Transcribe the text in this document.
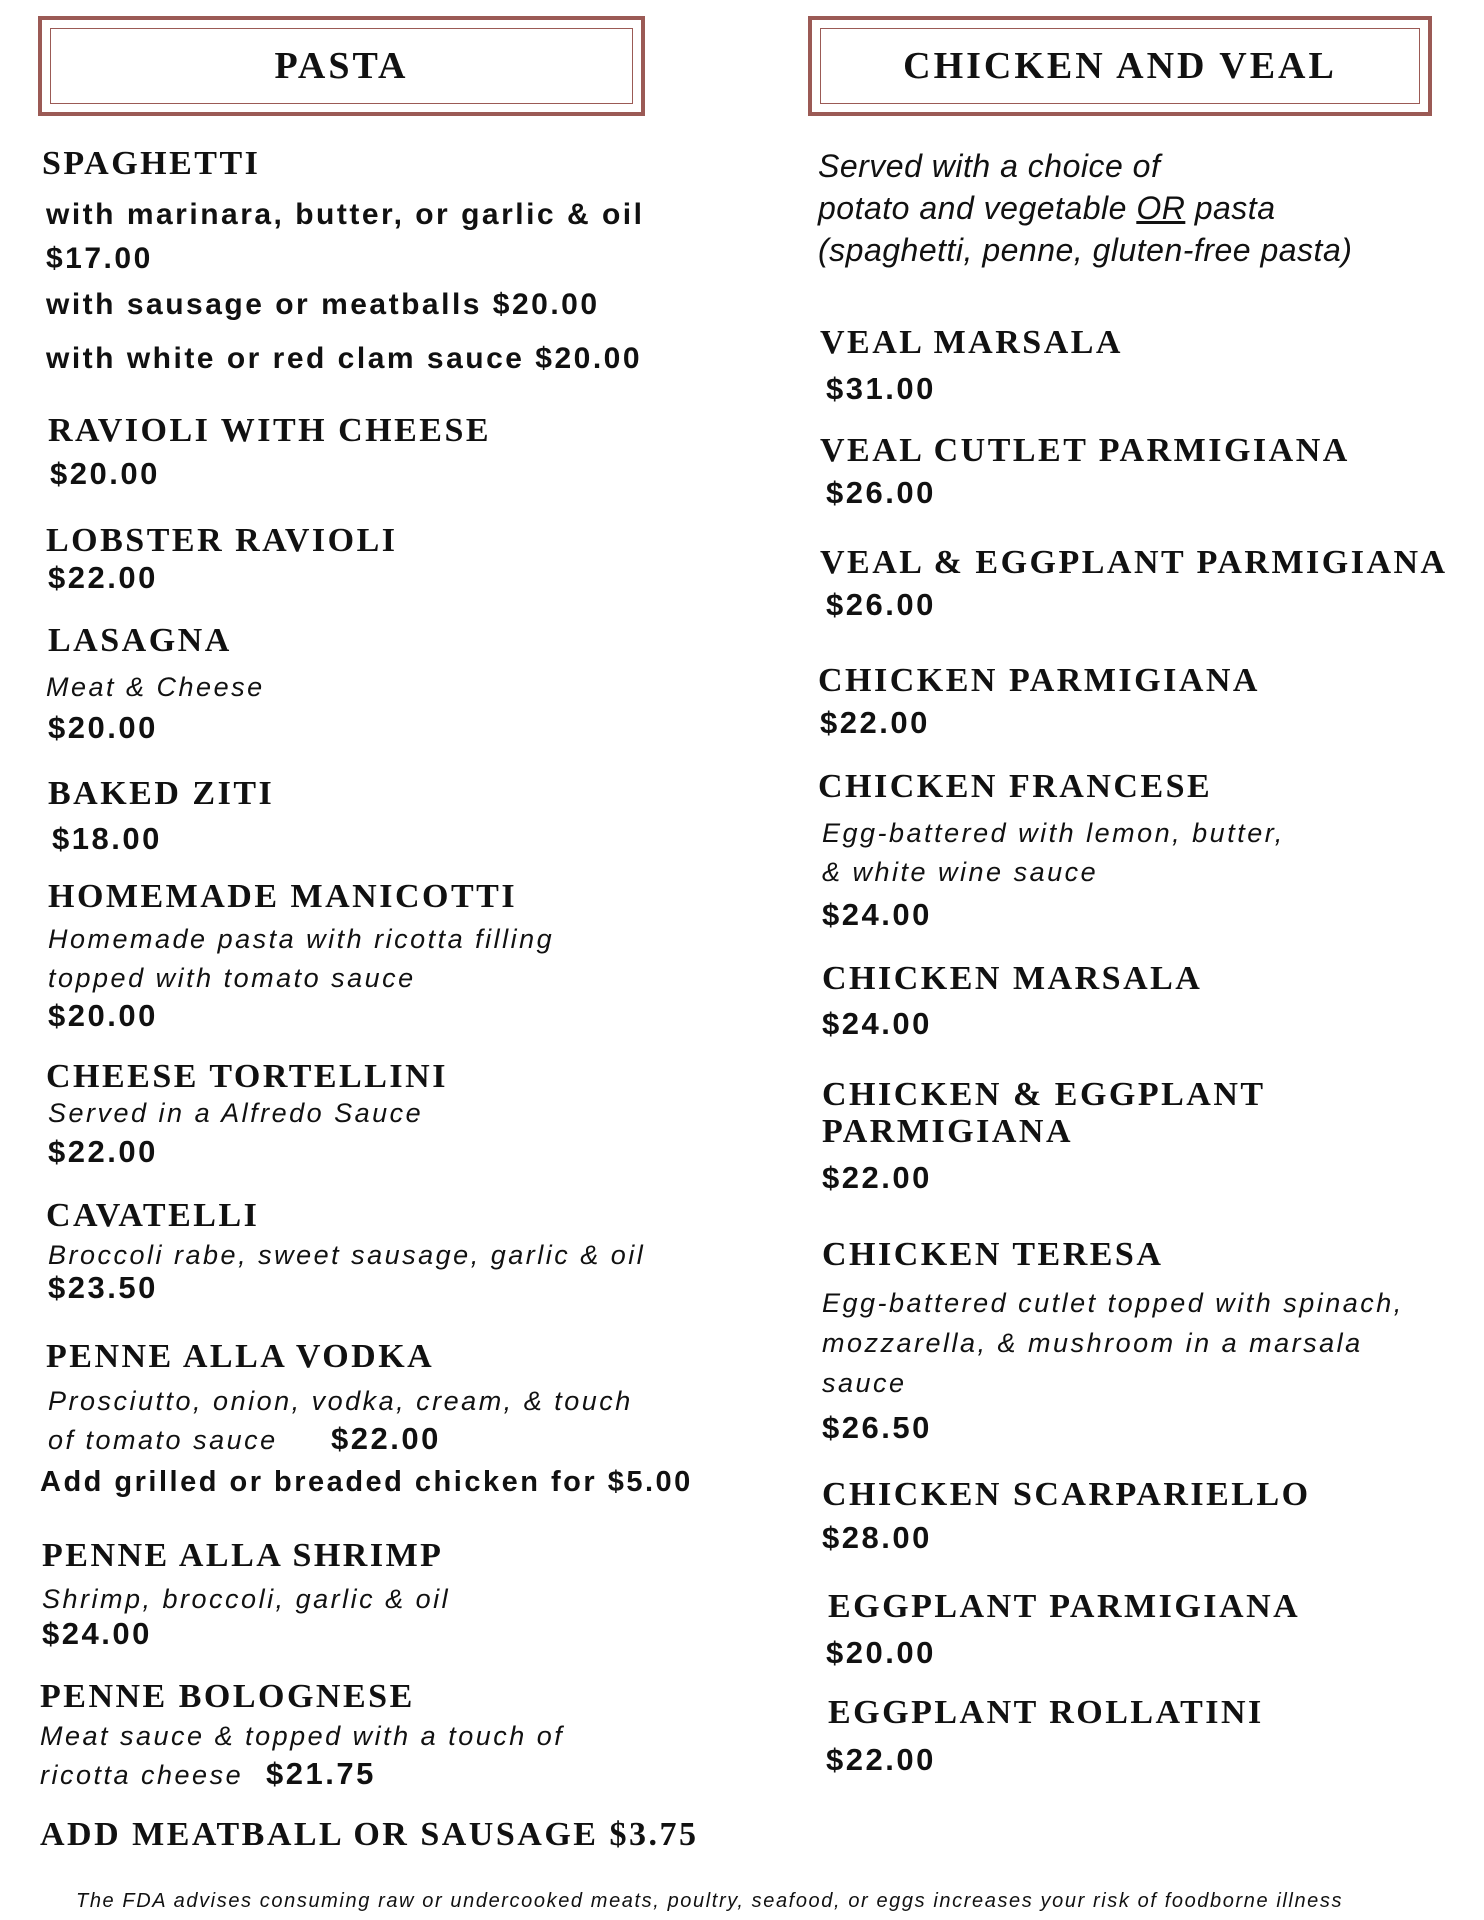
PASTA
SPAGHETTI
with marinara, butter, or garlic & oil
$17.00
with sausage or meatballs $20.00
with white or red clam sauce $20.00
RAVIOLI WITH CHEESE
$20.00
LOBSTER RAVIOLI
$22.00
LASAGNA
Meat & Cheese
$20.00
BAKED ZITI
$18.00
HOMEMADE MANICOTTI
Homemade pasta with ricotta filling
topped with tomato sauce
$20.00
CHEESE TORTELLINI
Served in a Alfredo Sauce
$22.00
CAVATELLI
Broccoli rabe, sweet sausage, garlic & oil
$23.50
PENNE ALLA VODKA
Prosciutto, onion, vodka, cream, & touch
of tomato sauce $22.00
Add grilled or breaded chicken for $5.00
PENNE ALLA SHRIMP
Shrimp, broccoli, garlic & oil
$24.00
PENNE BOLOGNESE
Meat sauce & topped with a touch of
ricotta cheese $21.75
ADD MEATBALL OR SAUSAGE $3.75
CHICKEN AND VEAL
Served with a choice of
potato and vegetable OR pasta
(spaghetti, penne, gluten-free pasta)
VEAL MARSALA
$31.00
VEAL CUTLET PARMIGIANA
$26.00
VEAL & EGGPLANT PARMIGIANA
$26.00
CHICKEN PARMIGIANA
$22.00
CHICKEN FRANCESE
Egg-battered with lemon, butter,
& white wine sauce
$24.00
CHICKEN MARSALA
$24.00
CHICKEN & EGGPLANT
PARMIGIANA
$22.00
CHICKEN TERESA
Egg-battered cutlet topped with spinach,
mozzarella, & mushroom in a marsala
sauce
$26.50
CHICKEN SCARPARIELLO
$28.00
EGGPLANT PARMIGIANA
$20.00
EGGPLANT ROLLATINI
$22.00
The FDA advises consuming raw or undercooked meats, poultry, seafood, or eggs increases your risk of foodborne illness
